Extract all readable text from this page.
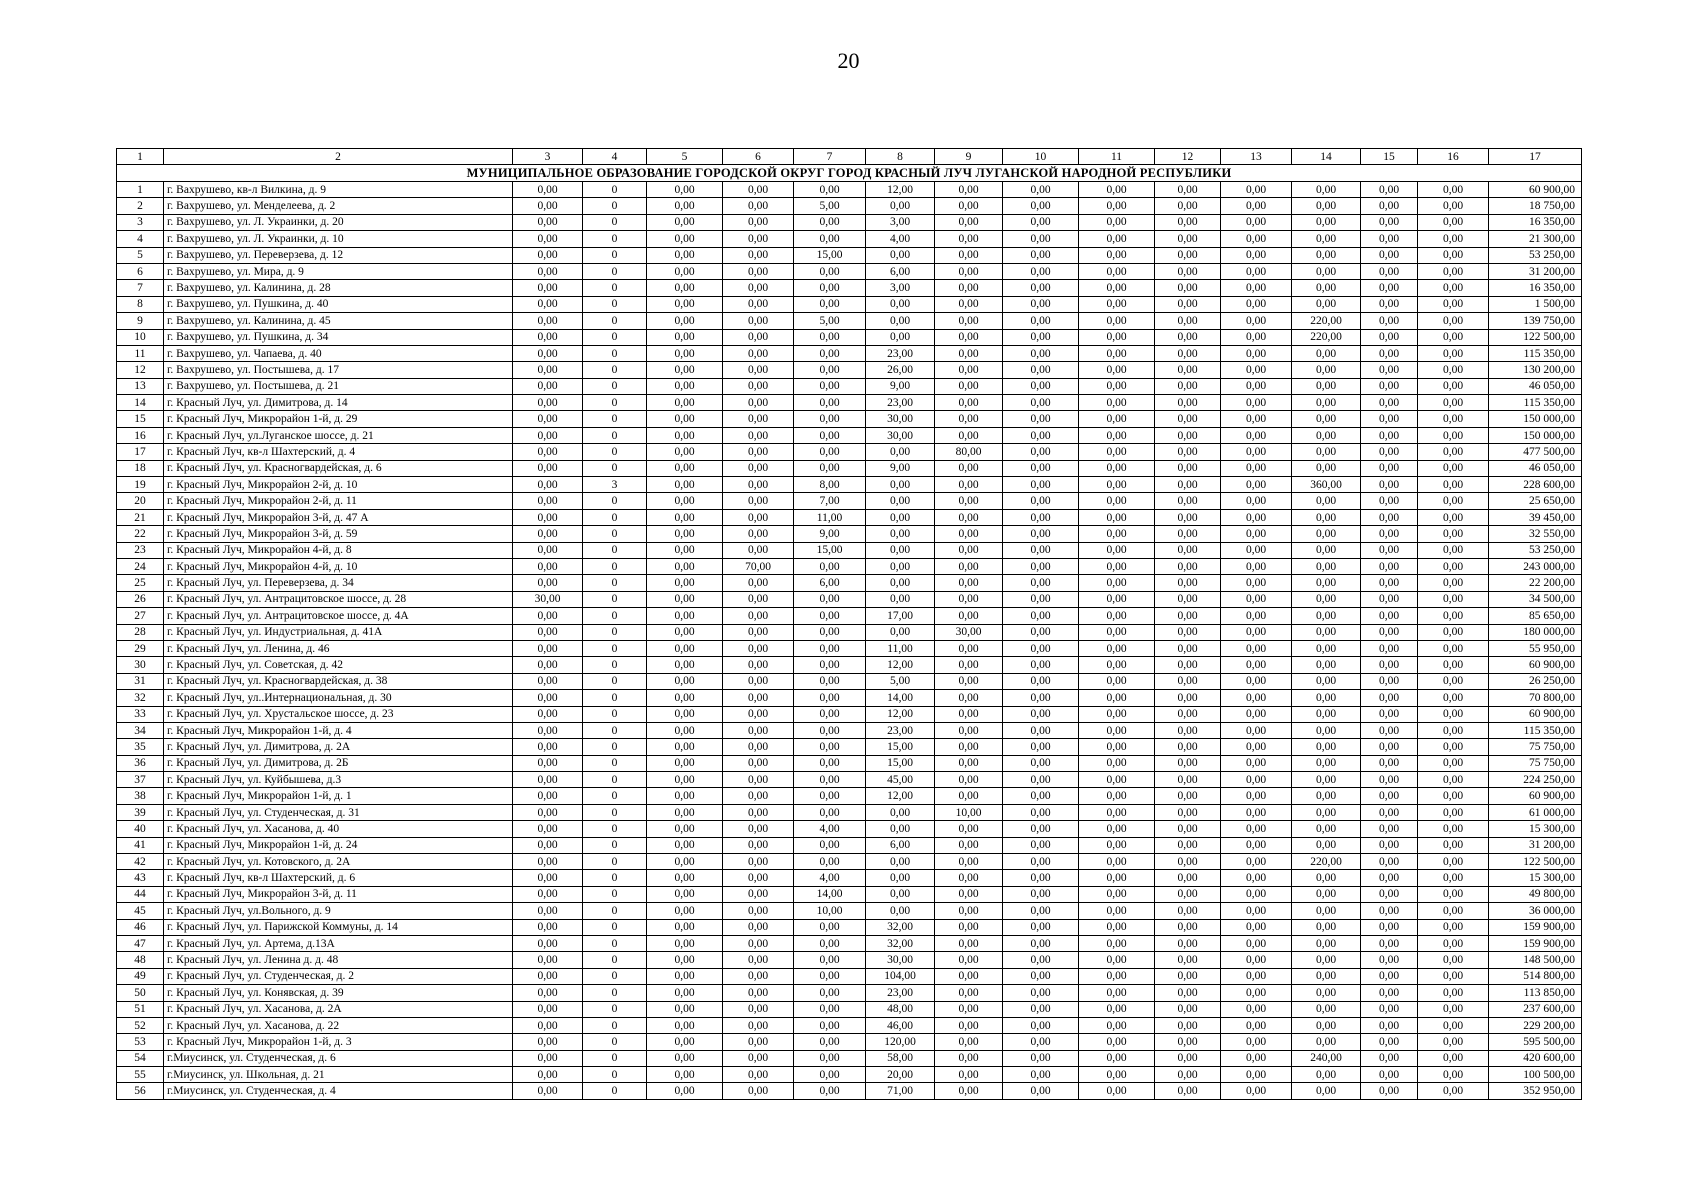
20
1	2	3	4	5	6	7	8	9	10	11	12	13	14	15	16	17
МУНИЦИПАЛЬНОЕ ОБРАЗОВАНИЕ ГОРОДСКОЙ ОКРУГ ГОРОД КРАСНЫЙ ЛУЧ ЛУГАНСКОЙ НАРОДНОЙ РЕСПУБЛИКИ																
1	г. Вахрушево, кв-л Вилкина, д. 9	0,00	0	0,00	0,00	0,00	12,00	0,00	0,00	0,00	0,00	0,00	0,00	0,00	0,00	60 900,00
2	г. Вахрушево, ул. Менделеева, д. 2	0,00	0	0,00	0,00	5,00	0,00	0,00	0,00	0,00	0,00	0,00	0,00	0,00	0,00	18 750,00
3	г. Вахрушево, ул. Л. Украинки, д. 20	0,00	0	0,00	0,00	0,00	3,00	0,00	0,00	0,00	0,00	0,00	0,00	0,00	0,00	16 350,00
4	г. Вахрушево, ул. Л. Украинки, д. 10	0,00	0	0,00	0,00	0,00	4,00	0,00	0,00	0,00	0,00	0,00	0,00	0,00	0,00	21 300,00
5	г. Вахрушево, ул. Переверзева, д. 12	0,00	0	0,00	0,00	15,00	0,00	0,00	0,00	0,00	0,00	0,00	0,00	0,00	0,00	53 250,00
6	г. Вахрушево, ул. Мира, д. 9	0,00	0	0,00	0,00	0,00	6,00	0,00	0,00	0,00	0,00	0,00	0,00	0,00	0,00	31 200,00
7	г. Вахрушево, ул. Калинина, д. 28	0,00	0	0,00	0,00	0,00	3,00	0,00	0,00	0,00	0,00	0,00	0,00	0,00	0,00	16 350,00
8	г. Вахрушево, ул. Пушкина, д. 40	0,00	0	0,00	0,00	0,00	0,00	0,00	0,00	0,00	0,00	0,00	0,00	0,00	0,00	1 500,00
9	г. Вахрушево, ул. Калинина, д. 45	0,00	0	0,00	0,00	5,00	0,00	0,00	0,00	0,00	0,00	0,00	220,00	0,00	0,00	139 750,00
10	г. Вахрушево, ул. Пушкина, д. 34	0,00	0	0,00	0,00	0,00	0,00	0,00	0,00	0,00	0,00	0,00	220,00	0,00	0,00	122 500,00
11	г. Вахрушево, ул. Чапаева, д. 40	0,00	0	0,00	0,00	0,00	23,00	0,00	0,00	0,00	0,00	0,00	0,00	0,00	0,00	115 350,00
12	г. Вахрушево, ул. Постышева, д. 17	0,00	0	0,00	0,00	0,00	26,00	0,00	0,00	0,00	0,00	0,00	0,00	0,00	0,00	130 200,00
13	г. Вахрушево, ул. Постышева, д. 21	0,00	0	0,00	0,00	0,00	9,00	0,00	0,00	0,00	0,00	0,00	0,00	0,00	0,00	46 050,00
14	г. Красный Луч, ул. Димитрова, д. 14	0,00	0	0,00	0,00	0,00	23,00	0,00	0,00	0,00	0,00	0,00	0,00	0,00	0,00	115 350,00
15	г. Красный Луч, Микрорайон 1-й, д. 29	0,00	0	0,00	0,00	0,00	30,00	0,00	0,00	0,00	0,00	0,00	0,00	0,00	0,00	150 000,00
16	г. Красный Луч, ул.Луганское шоссе, д. 21	0,00	0	0,00	0,00	0,00	30,00	0,00	0,00	0,00	0,00	0,00	0,00	0,00	0,00	150 000,00
17	г. Красный Луч, кв-л Шахтерский, д. 4	0,00	0	0,00	0,00	0,00	0,00	80,00	0,00	0,00	0,00	0,00	0,00	0,00	0,00	477 500,00
18	г. Красный Луч, ул. Красногвардейская, д. 6	0,00	0	0,00	0,00	0,00	9,00	0,00	0,00	0,00	0,00	0,00	0,00	0,00	0,00	46 050,00
19	г. Красный Луч, Микрорайон 2-й, д. 10	0,00	3	0,00	0,00	8,00	0,00	0,00	0,00	0,00	0,00	0,00	360,00	0,00	0,00	228 600,00
20	г. Красный Луч, Микрорайон 2-й, д. 11	0,00	0	0,00	0,00	7,00	0,00	0,00	0,00	0,00	0,00	0,00	0,00	0,00	0,00	25 650,00
21	г. Красный Луч, Микрорайон 3-й, д. 47 А	0,00	0	0,00	0,00	11,00	0,00	0,00	0,00	0,00	0,00	0,00	0,00	0,00	0,00	39 450,00
22	г. Красный Луч, Микрорайон 3-й, д. 59	0,00	0	0,00	0,00	9,00	0,00	0,00	0,00	0,00	0,00	0,00	0,00	0,00	0,00	32 550,00
23	г. Красный Луч, Микрорайон 4-й, д. 8	0,00	0	0,00	0,00	15,00	0,00	0,00	0,00	0,00	0,00	0,00	0,00	0,00	0,00	53 250,00
24	г. Красный Луч, Микрорайон 4-й, д. 10	0,00	0	0,00	70,00	0,00	0,00	0,00	0,00	0,00	0,00	0,00	0,00	0,00	0,00	243 000,00
25	г. Красный Луч, ул. Переверзева, д. 34	0,00	0	0,00	0,00	6,00	0,00	0,00	0,00	0,00	0,00	0,00	0,00	0,00	0,00	22 200,00
26	г. Красный Луч, ул. Антрацитовское шоссе, д. 28	30,00	0	0,00	0,00	0,00	0,00	0,00	0,00	0,00	0,00	0,00	0,00	0,00	0,00	34 500,00
27	г. Красный Луч, ул. Антрацитовское шоссе, д. 4А	0,00	0	0,00	0,00	0,00	17,00	0,00	0,00	0,00	0,00	0,00	0,00	0,00	0,00	85 650,00
28	г. Красный Луч, ул. Индустриальная, д. 41А	0,00	0	0,00	0,00	0,00	0,00	30,00	0,00	0,00	0,00	0,00	0,00	0,00	0,00	180 000,00
29	г. Красный Луч, ул. Ленина, д. 46	0,00	0	0,00	0,00	0,00	11,00	0,00	0,00	0,00	0,00	0,00	0,00	0,00	0,00	55 950,00
30	г. Красный Луч, ул. Советская, д. 42	0,00	0	0,00	0,00	0,00	12,00	0,00	0,00	0,00	0,00	0,00	0,00	0,00	0,00	60 900,00
31	г. Красный Луч, ул. Красногвардейская, д. 38	0,00	0	0,00	0,00	0,00	5,00	0,00	0,00	0,00	0,00	0,00	0,00	0,00	0,00	26 250,00
32	г. Красный Луч, ул..Интернациональная, д. 30	0,00	0	0,00	0,00	0,00	14,00	0,00	0,00	0,00	0,00	0,00	0,00	0,00	0,00	70 800,00
33	г. Красный Луч, ул. Хрустальское шоссе, д. 23	0,00	0	0,00	0,00	0,00	12,00	0,00	0,00	0,00	0,00	0,00	0,00	0,00	0,00	60 900,00
34	г. Красный Луч, Микрорайон 1-й, д. 4	0,00	0	0,00	0,00	0,00	23,00	0,00	0,00	0,00	0,00	0,00	0,00	0,00	0,00	115 350,00
35	г. Красный Луч, ул. Димитрова, д. 2А	0,00	0	0,00	0,00	0,00	15,00	0,00	0,00	0,00	0,00	0,00	0,00	0,00	0,00	75 750,00
36	г. Красный Луч, ул. Димитрова, д. 2Б	0,00	0	0,00	0,00	0,00	15,00	0,00	0,00	0,00	0,00	0,00	0,00	0,00	0,00	75 750,00
37	г. Красный Луч, ул. Куйбышева, д.3	0,00	0	0,00	0,00	0,00	45,00	0,00	0,00	0,00	0,00	0,00	0,00	0,00	0,00	224 250,00
38	г. Красный Луч, Микрорайон 1-й, д. 1	0,00	0	0,00	0,00	0,00	12,00	0,00	0,00	0,00	0,00	0,00	0,00	0,00	0,00	60 900,00
39	г. Красный Луч, ул. Студенческая, д. 31	0,00	0	0,00	0,00	0,00	0,00	10,00	0,00	0,00	0,00	0,00	0,00	0,00	0,00	61 000,00
40	г. Красный Луч, ул. Хасанова, д. 40	0,00	0	0,00	0,00	4,00	0,00	0,00	0,00	0,00	0,00	0,00	0,00	0,00	0,00	15 300,00
41	г. Красный Луч, Микрорайон 1-й, д. 24	0,00	0	0,00	0,00	0,00	6,00	0,00	0,00	0,00	0,00	0,00	0,00	0,00	0,00	31 200,00
42	г. Красный Луч, ул. Котовского, д. 2А	0,00	0	0,00	0,00	0,00	0,00	0,00	0,00	0,00	0,00	0,00	220,00	0,00	0,00	122 500,00
43	г. Красный Луч, кв-л Шахтерский, д. 6	0,00	0	0,00	0,00	4,00	0,00	0,00	0,00	0,00	0,00	0,00	0,00	0,00	0,00	15 300,00
44	г. Красный Луч, Микрорайон 3-й, д. 11	0,00	0	0,00	0,00	14,00	0,00	0,00	0,00	0,00	0,00	0,00	0,00	0,00	0,00	49 800,00
45	г. Красный Луч, ул.Вольного, д. 9	0,00	0	0,00	0,00	10,00	0,00	0,00	0,00	0,00	0,00	0,00	0,00	0,00	0,00	36 000,00
46	г. Красный Луч, ул. Парижской Коммуны, д. 14	0,00	0	0,00	0,00	0,00	32,00	0,00	0,00	0,00	0,00	0,00	0,00	0,00	0,00	159 900,00
47	г. Красный Луч, ул. Артема, д.13А	0,00	0	0,00	0,00	0,00	32,00	0,00	0,00	0,00	0,00	0,00	0,00	0,00	0,00	159 900,00
48	г. Красный Луч, ул. Ленина д. д. 48	0,00	0	0,00	0,00	0,00	30,00	0,00	0,00	0,00	0,00	0,00	0,00	0,00	0,00	148 500,00
49	г. Красный Луч, ул. Студенческая, д. 2	0,00	0	0,00	0,00	0,00	104,00	0,00	0,00	0,00	0,00	0,00	0,00	0,00	0,00	514 800,00
50	г. Красный Луч, ул. Конявская, д. 39	0,00	0	0,00	0,00	0,00	23,00	0,00	0,00	0,00	0,00	0,00	0,00	0,00	0,00	113 850,00
51	г. Красный Луч, ул. Хасанова, д. 2А	0,00	0	0,00	0,00	0,00	48,00	0,00	0,00	0,00	0,00	0,00	0,00	0,00	0,00	237 600,00
52	г. Красный Луч, ул. Хасанова, д. 22	0,00	0	0,00	0,00	0,00	46,00	0,00	0,00	0,00	0,00	0,00	0,00	0,00	0,00	229 200,00
53	г. Красный Луч, Микрорайон 1-й, д. 3	0,00	0	0,00	0,00	0,00	120,00	0,00	0,00	0,00	0,00	0,00	0,00	0,00	0,00	595 500,00
54	г.Миусинск, ул. Студенческая, д. 6	0,00	0	0,00	0,00	0,00	58,00	0,00	0,00	0,00	0,00	0,00	240,00	0,00	0,00	420 600,00
55	г.Миусинск, ул. Школьная, д. 21	0,00	0	0,00	0,00	0,00	20,00	0,00	0,00	0,00	0,00	0,00	0,00	0,00	0,00	100 500,00
56	г.Миусинск, ул. Студенческая, д. 4	0,00	0	0,00	0,00	0,00	71,00	0,00	0,00	0,00	0,00	0,00	0,00	0,00	0,00	352 950,00
